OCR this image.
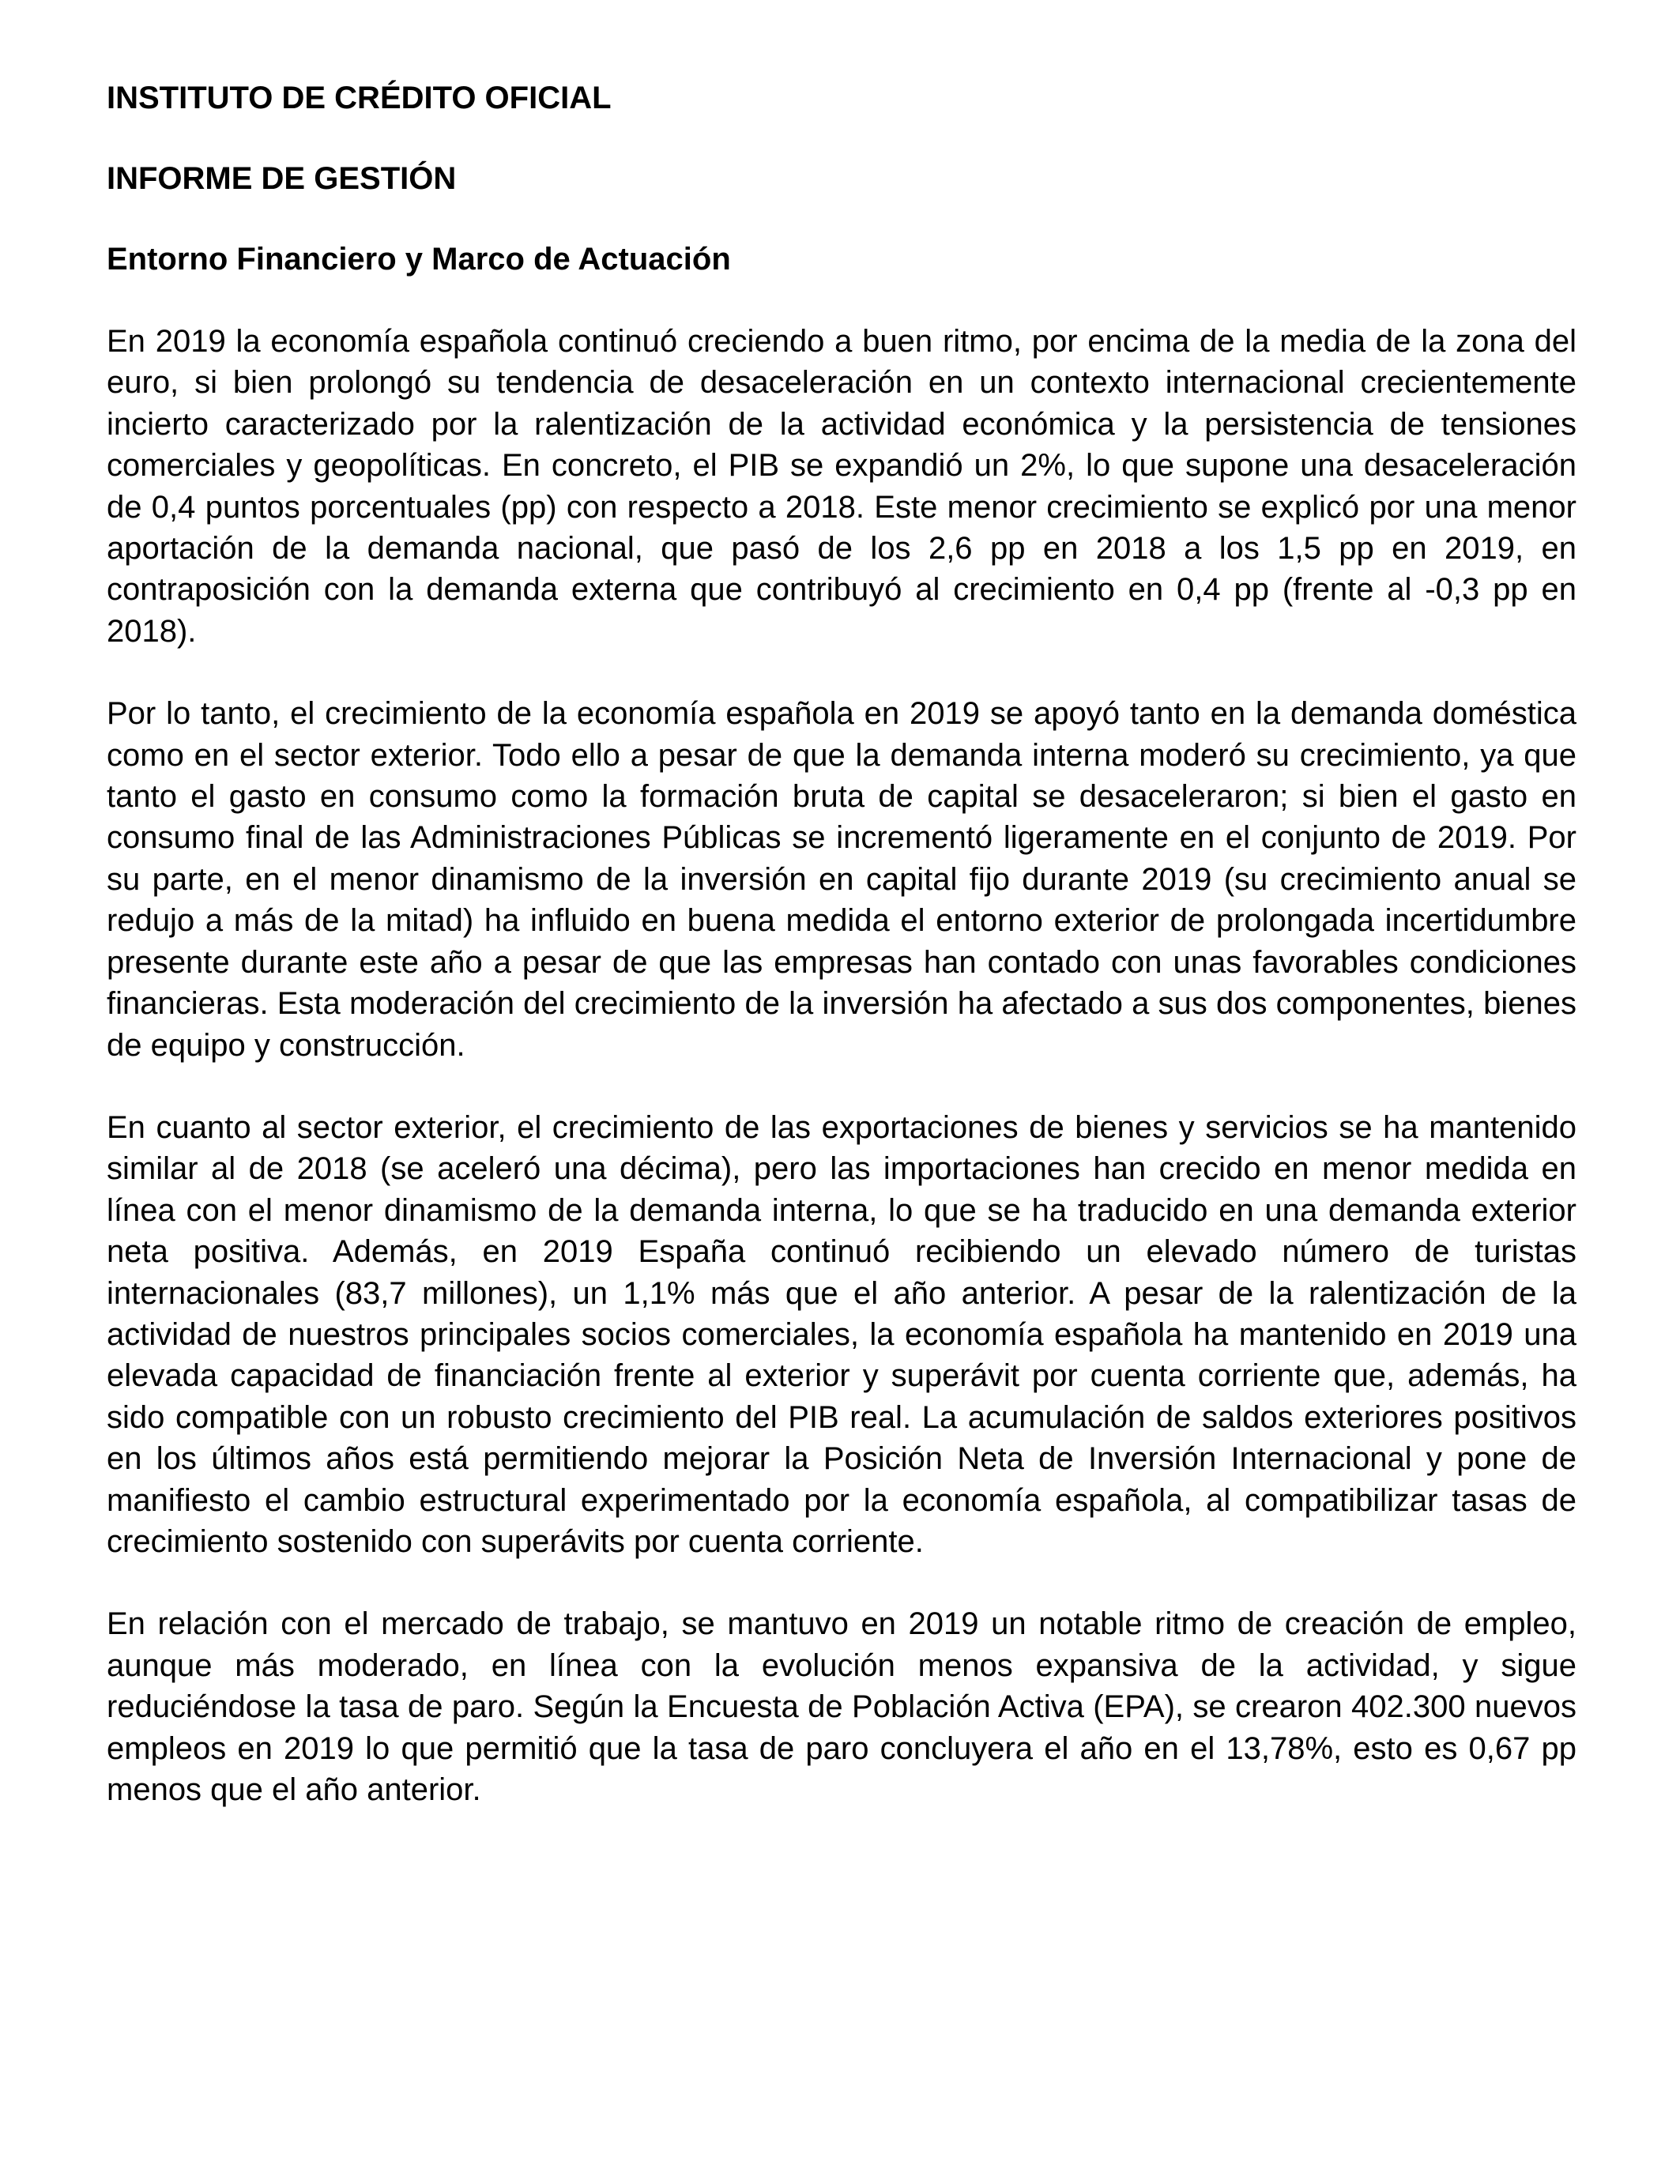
INSTITUTO DE CRÉDITO OFICIAL
INFORME DE GESTIÓN
Entorno Financiero y Marco de Actuación

En 2019 la economía española continuó creciendo a buen ritmo, por encima de la media de la zona del euro, si bien prolongó su tendencia de desaceleración en un contexto internacional crecientemente incierto caracterizado por la ralentización de la actividad económica y la persistencia de tensiones comerciales y geopolíticas. En concreto, el PIB se expandió un 2%, lo que supone una desaceleración de 0,4 puntos porcentuales (pp) con respecto a 2018. Este menor crecimiento se explicó por una menor aportación de la demanda nacional, que pasó de los 2,6 pp en 2018 a los 1,5 pp en 2019, en contraposición con la demanda externa que contribuyó al crecimiento en 0,4 pp (frente al -0,3 pp en 2018).

Por lo tanto, el crecimiento de la economía española en 2019 se apoyó tanto en la demanda doméstica como en el sector exterior. Todo ello a pesar de que la demanda interna moderó su crecimiento, ya que tanto el gasto en consumo como la formación bruta de capital se desaceleraron; si bien el gasto en consumo final de las Administraciones Públicas se incrementó ligeramente en el conjunto de 2019. Por su parte, en el menor dinamismo de la inversión en capital fijo durante 2019 (su crecimiento anual se redujo a más de la mitad) ha influido en buena medida el entorno exterior de prolongada incertidumbre presente durante este año a pesar de que las empresas han contado con unas favorables condiciones financieras. Esta moderación del crecimiento de la inversión ha afectado a sus dos componentes, bienes de equipo y construcción.

En cuanto al sector exterior, el crecimiento de las exportaciones de bienes y servicios se ha mantenido similar al de 2018 (se aceleró una décima), pero las importaciones han crecido en menor medida en línea con el menor dinamismo de la demanda interna, lo que se ha traducido en una demanda exterior neta positiva. Además, en 2019 España continuó recibiendo un elevado número de turistas internacionales (83,7 millones), un 1,1% más que el año anterior. A pesar de la ralentización de la actividad de nuestros principales socios comerciales, la economía española ha mantenido en 2019 una elevada capacidad de financiación frente al exterior y superávit por cuenta corriente que, además, ha sido compatible con un robusto crecimiento del PIB real. La acumulación de saldos exteriores positivos en los últimos años está permitiendo mejorar la Posición Neta de Inversión Internacional y pone de manifiesto el cambio estructural experimentado por la economía española, al compatibilizar tasas de crecimiento sostenido con superávits por cuenta corriente.

En relación con el mercado de trabajo, se mantuvo en 2019 un notable ritmo de creación de empleo, aunque más moderado, en línea con la evolución menos expansiva de la actividad, y sigue reduciéndose la tasa de paro. Según la Encuesta de Población Activa (EPA), se crearon 402.300 nuevos empleos en 2019 lo que permitió que la tasa de paro concluyera el año en el 13,78%, esto es 0,67 pp menos que el año anterior.
